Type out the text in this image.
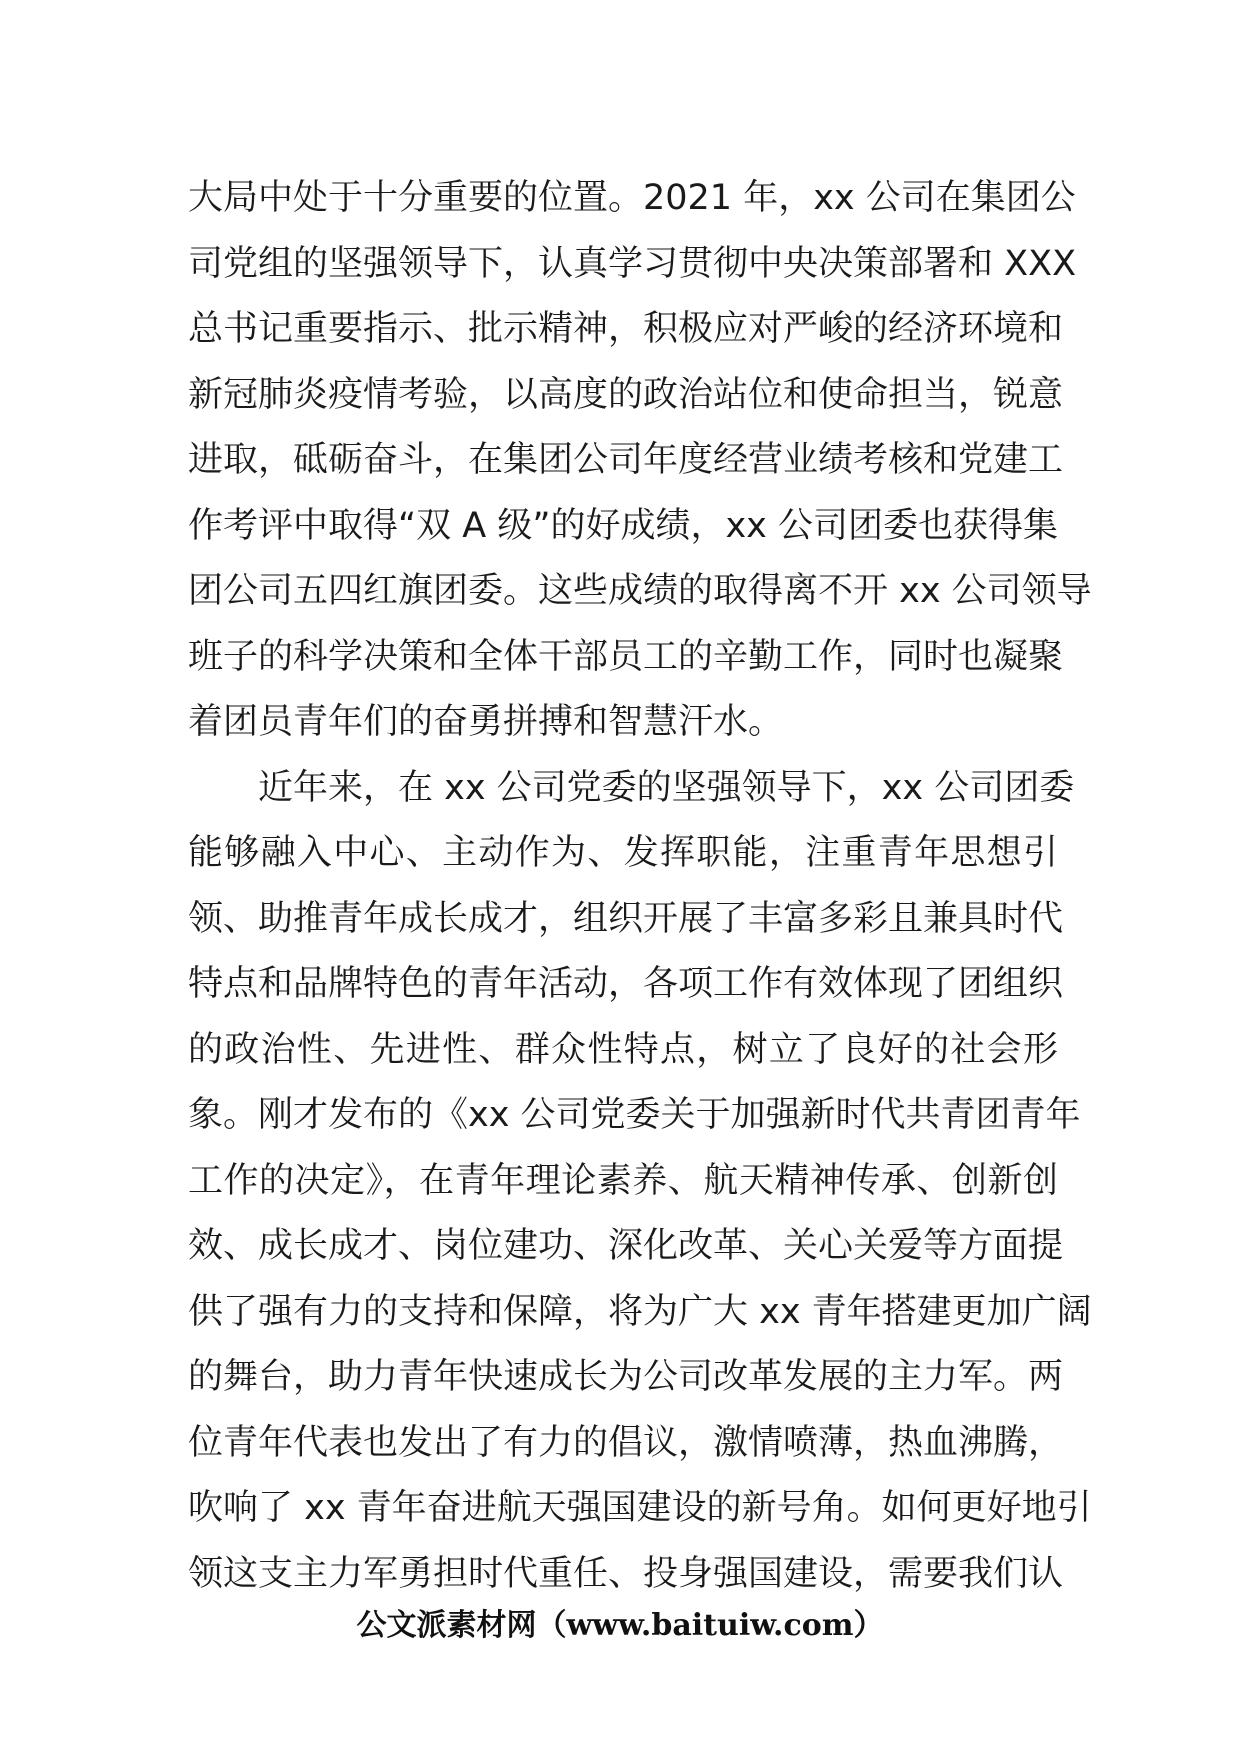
大局中处于十分重要的位置。2021 年，xx 公司在集团公
司党组的坚强领导下，认真学习贯彻中央决策部署和 XXX
总书记重要指示、批示精神，积极应对严峻的经济环境和
新冠肺炎疫情考验，以高度的政治站位和使命担当，锐意
进取，砥砺奋斗，在集团公司年度经营业绩考核和党建工
作考评中取得“双 A 级”的好成绩，xx 公司团委也获得集
团公司五四红旗团委。这些成绩的取得离不开 xx 公司领导
班子的科学决策和全体干部员工的辛勤工作，同时也凝聚
着团员青年们的奋勇拼搏和智慧汗水。
近年来，在 xx 公司党委的坚强领导下，xx 公司团委
能够融入中心、主动作为、发挥职能，注重青年思想引
领、助推青年成长成才，组织开展了丰富多彩且兼具时代
特点和品牌特色的青年活动，各项工作有效体现了团组织
的政治性、先进性、群众性特点，树立了良好的社会形
象。刚才发布的《xx 公司党委关于加强新时代共青团青年
工作的决定》，在青年理论素养、航天精神传承、创新创
效、成长成才、岗位建功、深化改革、关心关爱等方面提
供了强有力的支持和保障，将为广大 xx 青年搭建更加广阔
的舞台，助力青年快速成长为公司改革发展的主力军。两
位青年代表也发出了有力的倡议，激情喷薄，热血沸腾，
吹响了 xx 青年奋进航天强国建设的新号角。如何更好地引
领这支主力军勇担时代重任、投身强国建设，需要我们认
公文派素材网（www.baituiw.com）
